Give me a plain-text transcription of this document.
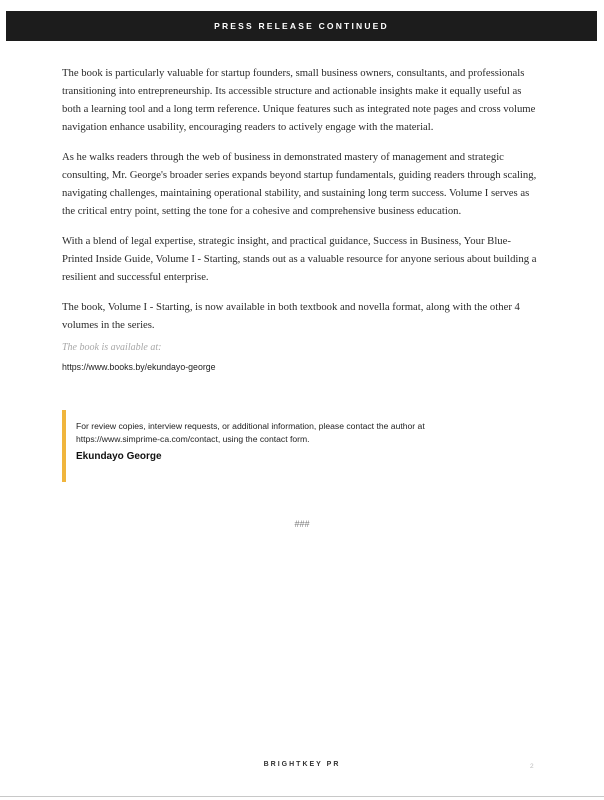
PRESS RELEASE CONTINUED

The book is particularly valuable for startup founders, small business owners, consultants, and professionals transitioning into entrepreneurship. Its accessible structure and actionable insights make it equally useful as both a learning tool and a long term reference. Unique features such as integrated note pages and cross volume navigation enhance usability, encouraging readers to actively engage with the material.

As he walks readers through the web of business in demonstrated mastery of management and strategic consulting, Mr. George's broader series expands beyond startup fundamentals, guiding readers through scaling, navigating challenges, maintaining operational stability, and sustaining long term success. Volume I serves as the critical entry point, setting the tone for a cohesive and comprehensive business education.

With a blend of legal expertise, strategic insight, and practical guidance, Success in Business, Your Blue-Printed Inside Guide, Volume I - Starting, stands out as a valuable resource for anyone serious about building a resilient and successful enterprise.

The book, Volume I - Starting, is now available in both textbook and novella format, along with the other 4 volumes in the series.

The book is available at:
https://www.books.by/ekundayo-george
For review copies, interview requests, or additional information, please contact the author at https://www.simprime-ca.com/contact, using the contact form.
Ekundayo George
###
BRIGHTKEY PR	2
